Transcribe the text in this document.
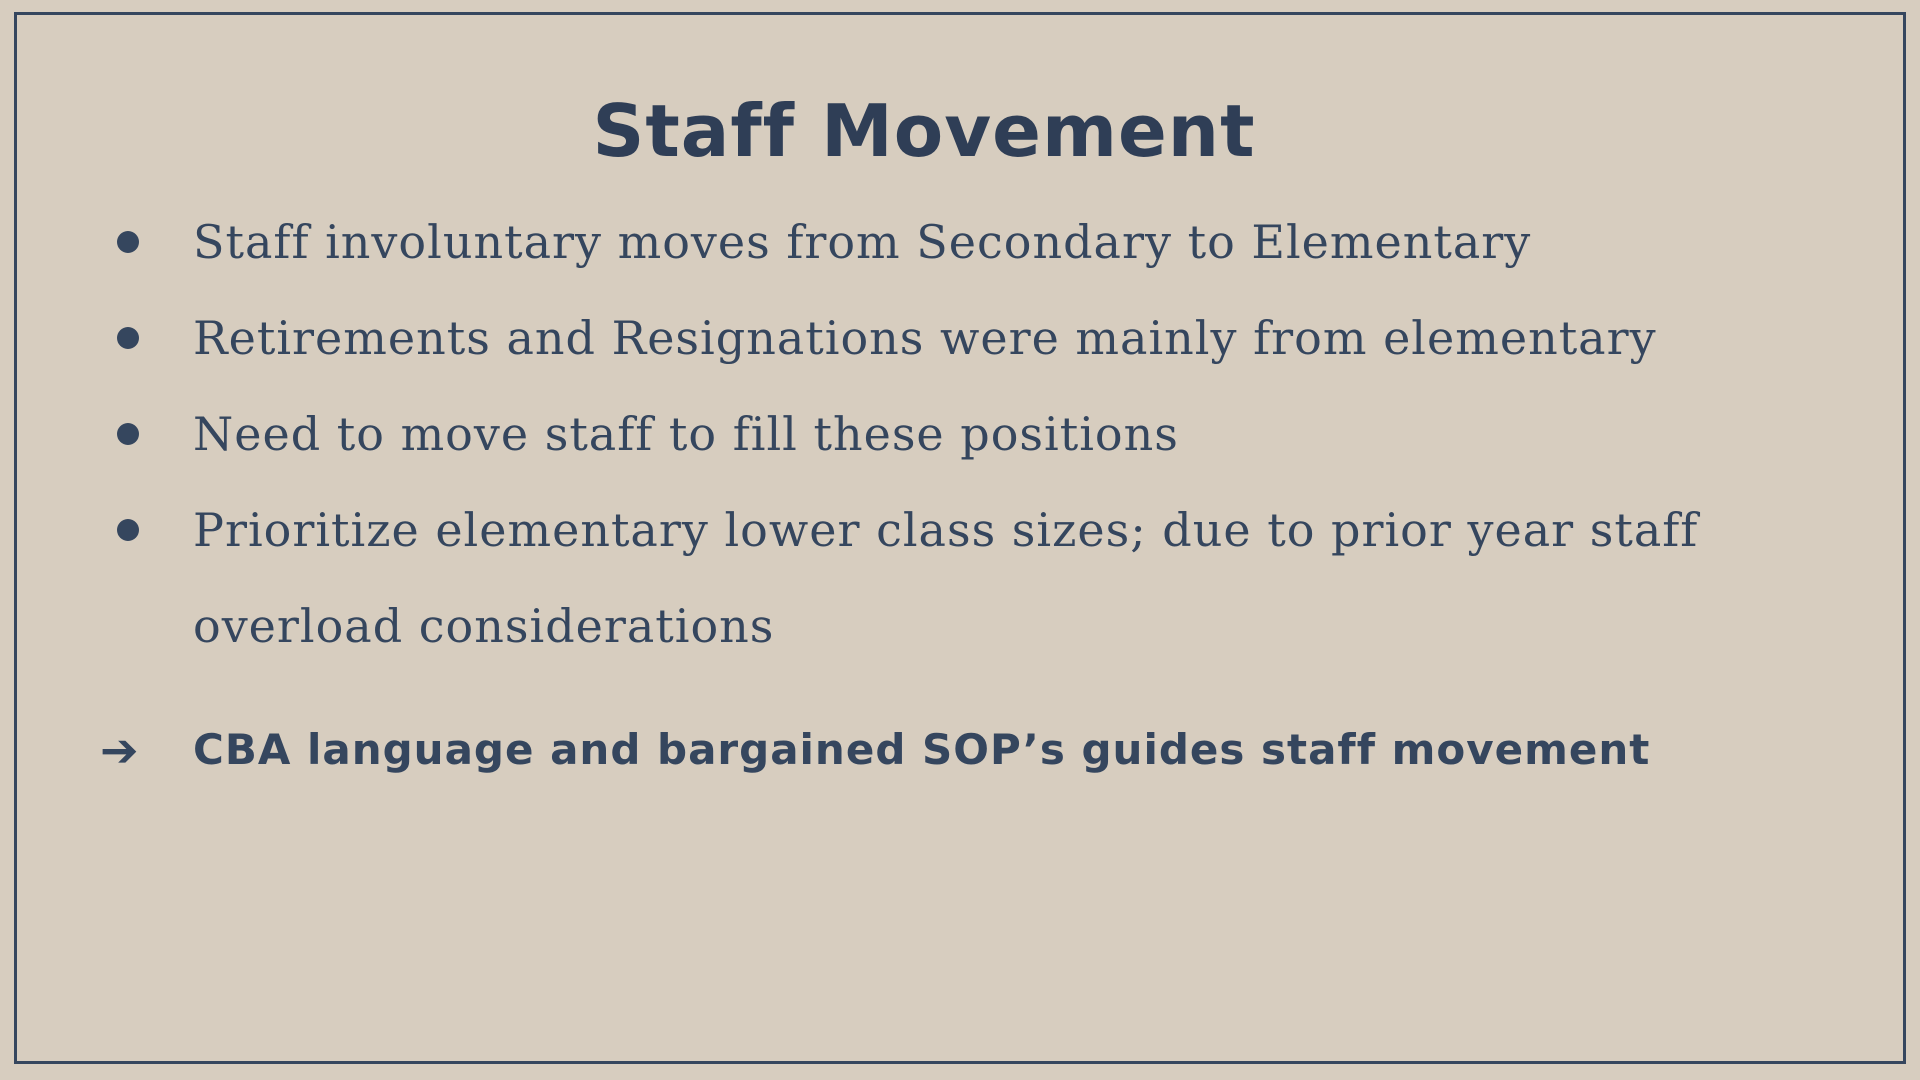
Staff Movement
Staff involuntary moves from Secondary to Elementary
Retirements and Resignations were mainly from elementary
Need to move staff to fill these positions
Prioritize elementary lower class sizes; due to prior year staff overload considerations
➔ CBA language and bargained SOP’s guides staff movement
